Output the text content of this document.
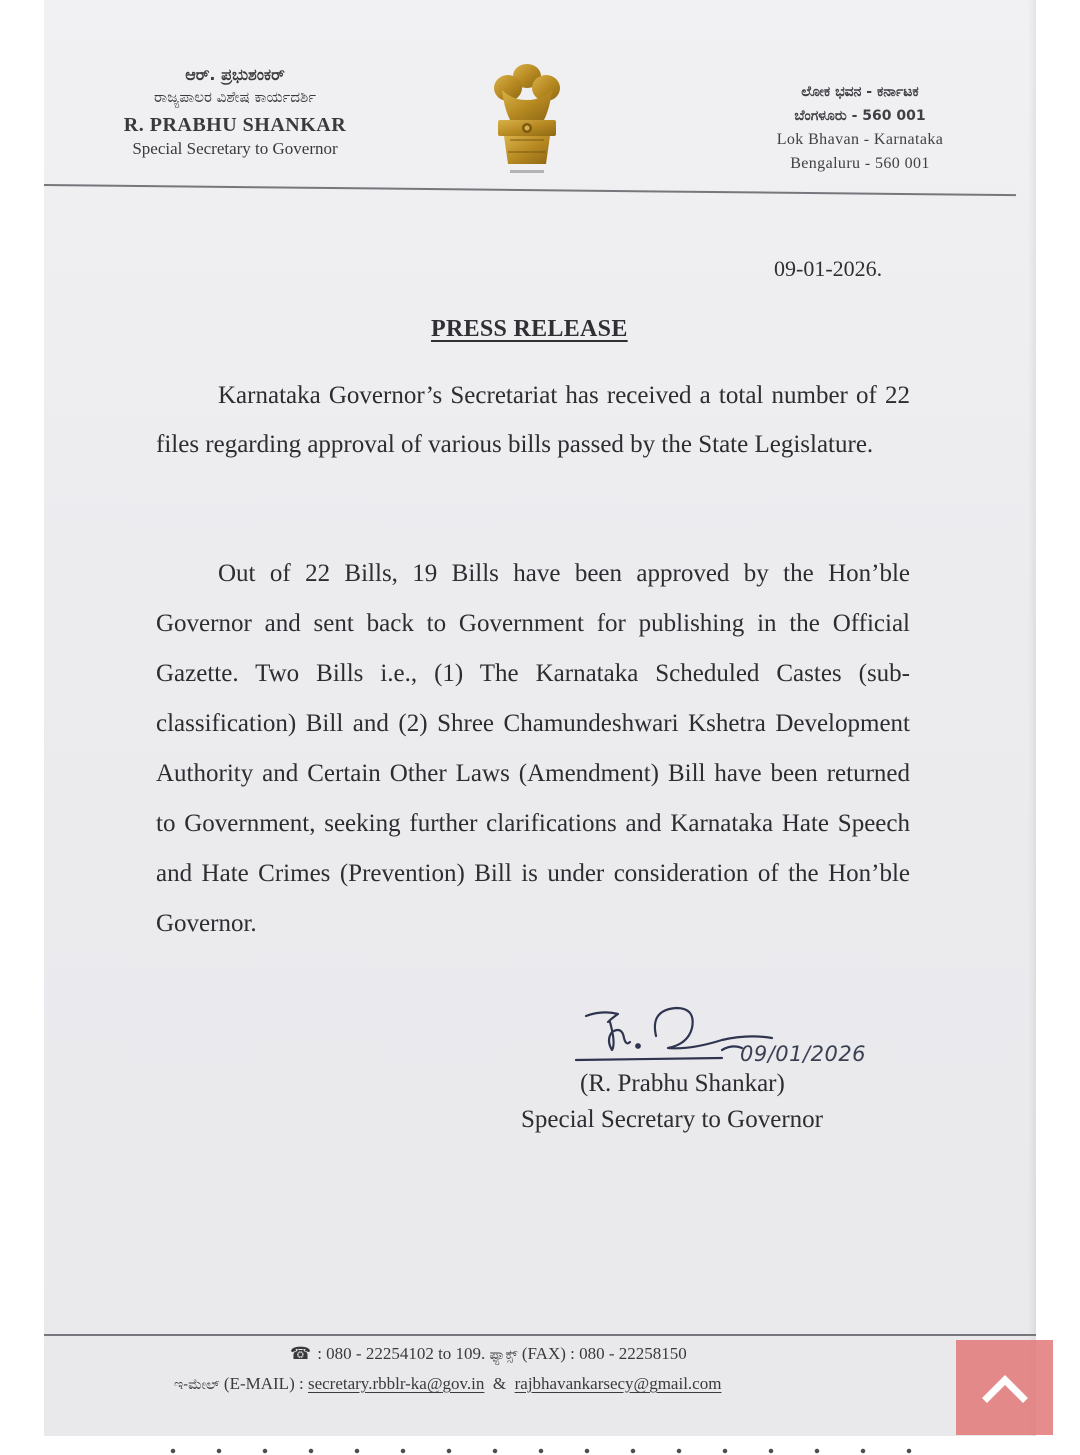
ಆರ್. ಪ್ರಭುಶಂಕರ್
ರಾಜ್ಯಪಾಲರ ವಿಶೇಷ ಕಾರ್ಯದರ್ಶಿ
R. PRABHU SHANKAR
Special Secretary to Governor
ಲೋಕ ಭವನ - ಕರ್ನಾಟಕ
ಬೆಂಗಳೂರು - 560 001
Lok Bhavan - Karnataka
Bengaluru - 560 001
09-01-2026.
PRESS RELEASE
Karnataka Governor’s Secretariat has received a total number of 22 files regarding approval of various bills passed by the State Legislature.
Out of 22 Bills, 19 Bills have been approved by the Hon’ble Governor and sent back to Government for publishing in the Official Gazette. Two Bills i.e., (1) The Karnataka Scheduled Castes (sub-classification) Bill and (2) Shree Chamundeshwari Kshetra Development Authority and Certain Other Laws (Amendment) Bill have been returned to Government, seeking further clarifications and Karnataka Hate Speech and Hate Crimes (Prevention) Bill is under consideration of the Hon’ble Governor.
09/01/2026
(R. Prabhu Shankar)
Special Secretary to Governor
☎ : 080 - 22254102 to 109. ಫ್ಯಾಕ್ಸ್ (FAX) : 080 - 22258150
ಇ-ಮೇಲ್ (E-MAIL) : secretary.rbblr-ka@gov.in & rajbhavankarsecy@gmail.com
